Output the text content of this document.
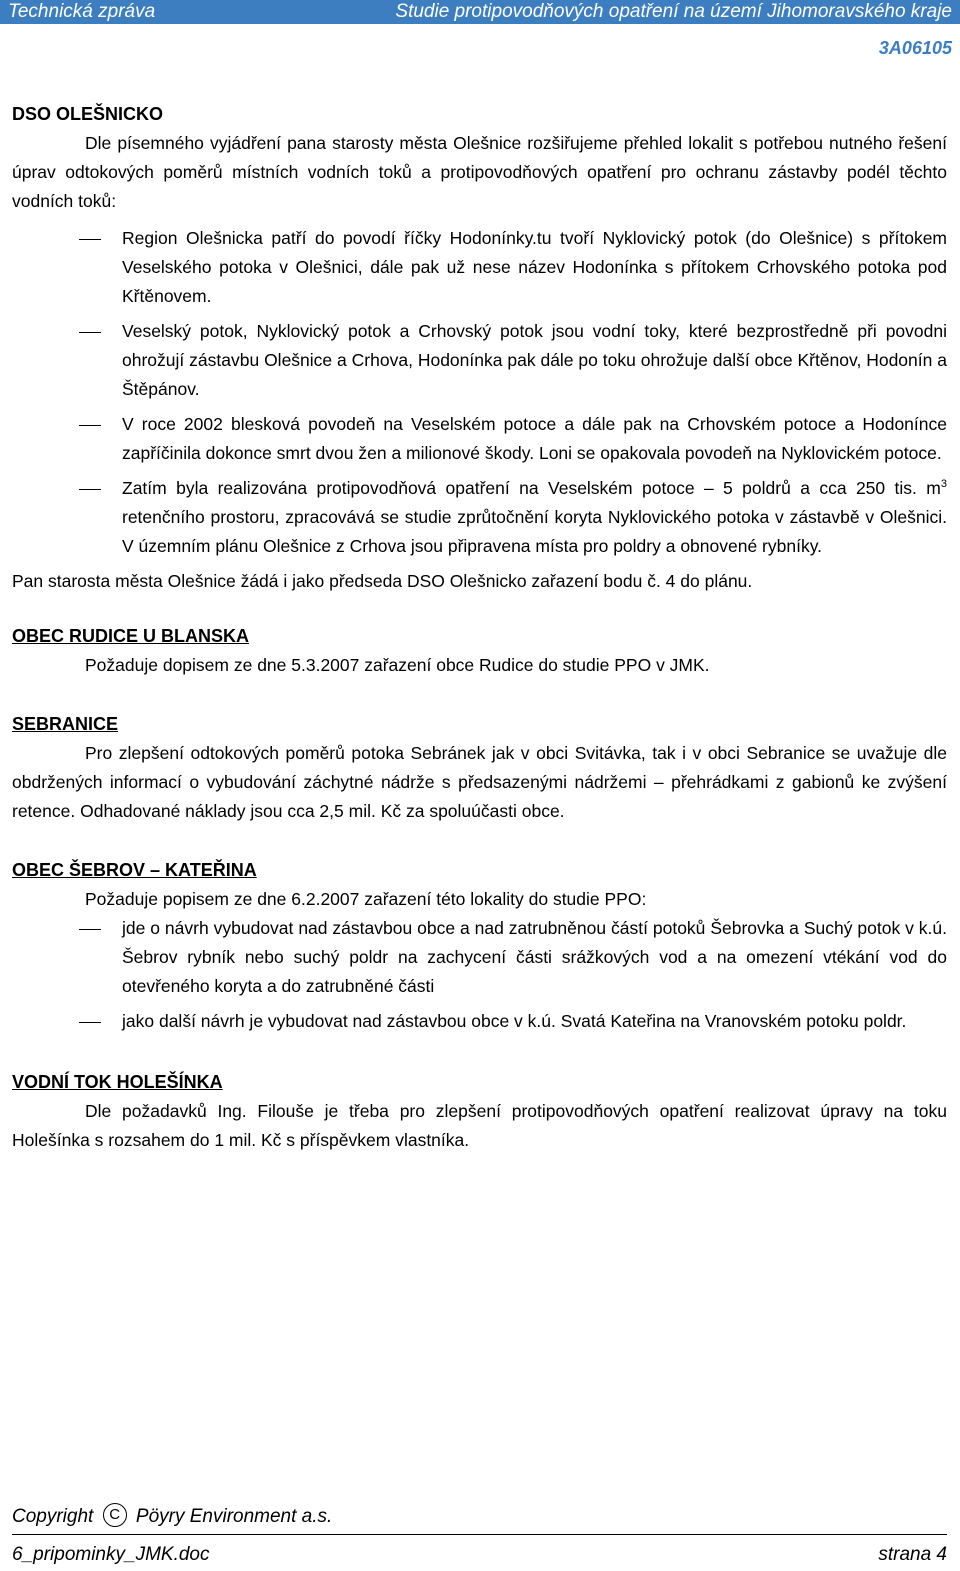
Technická zpráva	Studie protipovodňových opatření na území Jihomoravského kraje
3A06105
DSO OLEŠNICKO

Dle písemného vyjádření pana starosty města Olešnice rozšiřujeme přehled lokalit s potřebou nutného řešení úprav odtokových poměrů místních vodních toků a protipovodňových opatření pro ochranu zástavby podél těchto vodních toků:

Region Olešnicka patří do povodí říčky Hodonínky.tu tvoří Nyklovický potok (do Olešnice) s přítokem Veselského potoka v Olešnici, dále pak už nese název Hodonínka s přítokem Crhovského potoka pod Křtěnovem.
Veselský potok, Nyklovický potok a Crhovský potok jsou vodní toky, které bezprostředně při povodni ohrožují zástavbu Olešnice a Crhova, Hodonínka pak dále po toku ohrožuje další obce Křtěnov, Hodonín a Štěpánov.
V roce 2002 blesková povodeň na Veselském potoce a dále pak na Crhovském potoce a Hodonínce zapříčinila dokonce smrt dvou žen a milionové škody. Loni se opakovala povodeň na Nyklovickém potoce.
Zatím byla realizována protipovodňová opatření na Veselském potoce – 5 poldrů a cca 250 tis. $m^3$ retenčního prostoru, zpracovává se studie zprůtočnění koryta Nyklovického potoka v zástavbě v Olešnici. V územním plánu Olešnice z Crhova jsou připravena místa pro poldry a obnovené rybníky.

Pan starosta města Olešnice žádá i jako předseda DSO Olešnicko zařazení bodu č. 4 do plánu.

OBEC RUDICE U BLANSKA

Požaduje dopisem ze dne 5.3.2007 zařazení obce Rudice do studie PPO v JMK.

SEBRANICE

Pro zlepšení odtokových poměrů potoka Sebránek jak v obci Svitávka, tak i v obci Sebranice se uvažuje dle obdržených informací o vybudování záchytné nádrže s předsazenými nádržemi – přehrádkami z gabionů ke zvýšení retence. Odhadované náklady jsou cca 2,5 mil. Kč za spoluúčasti obce.

OBEC ŠEBROV – KATEŘINA

Požaduje popisem ze dne 6.2.2007 zařazení této lokality do studie PPO:

jde o návrh vybudovat nad zástavbou obce a nad zatrubněnou částí potoků Šebrovka a Suchý potok v k.ú. Šebrov rybník nebo suchý poldr na zachycení části srážkových vod a na omezení vtékání vod do otevřeného koryta a do zatrubněné části
jako další návrh je vybudovat nad zástavbou obce v k.ú. Svatá Kateřina na Vranovském potoku poldr.
VODNÍ TOK HOLEŠÍNKA

Dle požadavků Ing. Filouše je třeba pro zlepšení protipovodňových opatření realizovat úpravy na toku Holešínka s rozsahem do 1 mil. Kč s příspěvkem vlastníka.

Copyright C Pöyry Environment a.s.
6_pripominky_JMK.doc	strana 4
